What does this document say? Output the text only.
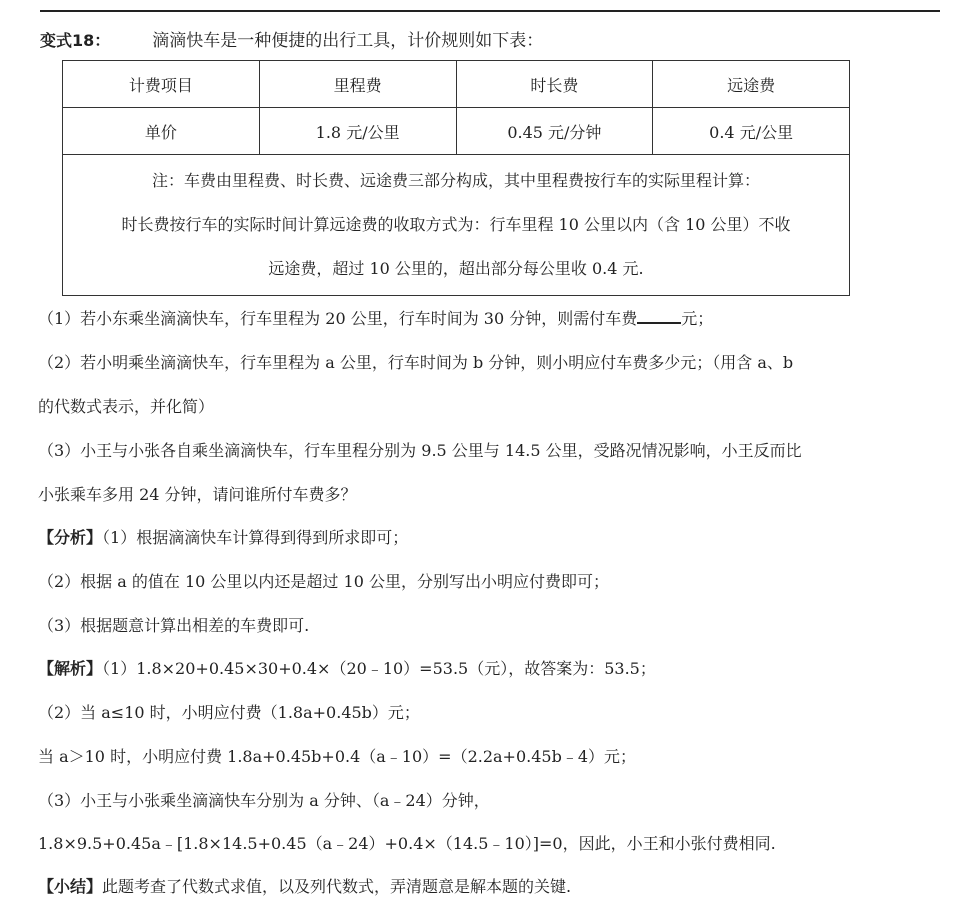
变式18： 滴滴快车是一种便捷的出行工具，计价规则如下表：
计费项目	里程费	时长费	远途费
单价	1.8 元/公里	0.45 元/分钟	0.4 元/公里

注：车费由里程费、时长费、远途费三部分构成，其中里程费按行车的实际里程计算：
时长费按行车的实际时间计算远途费的收取方式为：行车里程 10 公里以内（含 10 公里）不收
远途费，超过 10 公里的，超出部分每公里收 0.4 元.			
（1）若小东乘坐滴滴快车，行车里程为 20 公里，行车时间为 30 分钟，则需付车费	元；
（2）若小明乘坐滴滴快车，行车里程为 a 公里，行车时间为 b 分钟，则小明应付车费多少元；（用含 a、b
的代数式表示，并化简）
（3）小王与小张各自乘坐滴滴快车，行车里程分别为 9.5 公里与 14.5 公里，受路况情况影响，小王反而比
小张乘车多用 24 分钟，请问谁所付车费多？
【分析】（1）根据滴滴快车计算得到得到所求即可；
（2）根据 a 的值在 10 公里以内还是超过 10 公里，分别写出小明应付费即可；
（3）根据题意计算出相差的车费即可.
【解析】（1）1.8×20+0.45×30+0.4×（20﹣10）=53.5（元），故答案为：53.5；
（2）当 a≤10 时，小明应付费（1.8a+0.45b）元；
当 a＞10 时，小明应付费 1.8a+0.45b+0.4（a﹣10）=（2.2a+0.45b﹣4）元；
（3）小王与小张乘坐滴滴快车分别为 a 分钟、（a﹣24）分钟，
1.8×9.5+0.45a﹣[1.8×14.5+0.45（a﹣24）+0.4×（14.5﹣10）]=0，因此，小王和小张付费相同.
【小结】此题考查了代数式求值，以及列代数式，弄清题意是解本题的关键.
